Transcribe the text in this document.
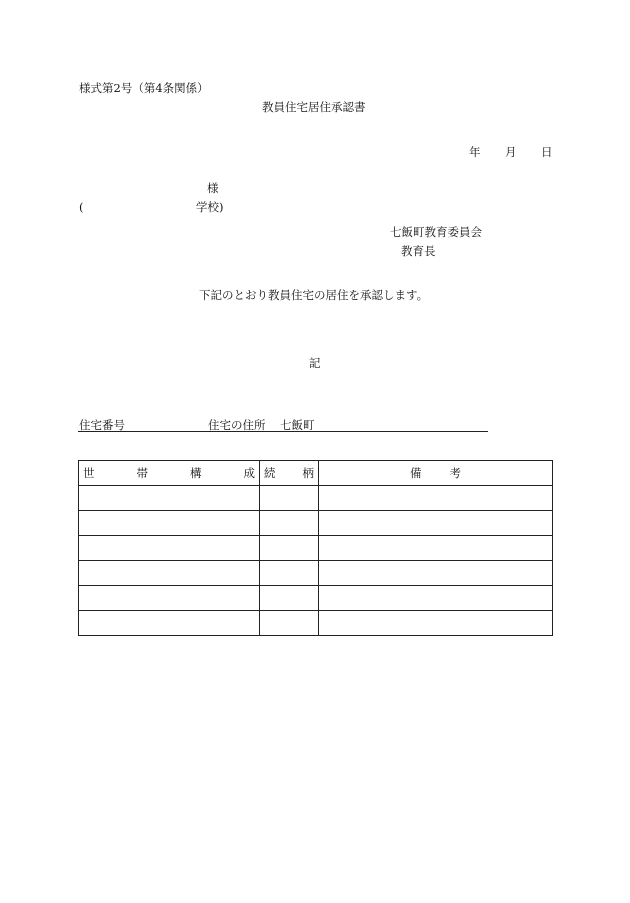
様式第2号（第4条関係）
教員住宅居住承認書
年 月 日
様
(	学校)
七飯町教育委員会
教育長
下記のとおり教員住宅の居住を承認します。
記
住宅番号	住宅の住所 七飯町
世 帯 構 成	続 柄	備 考
